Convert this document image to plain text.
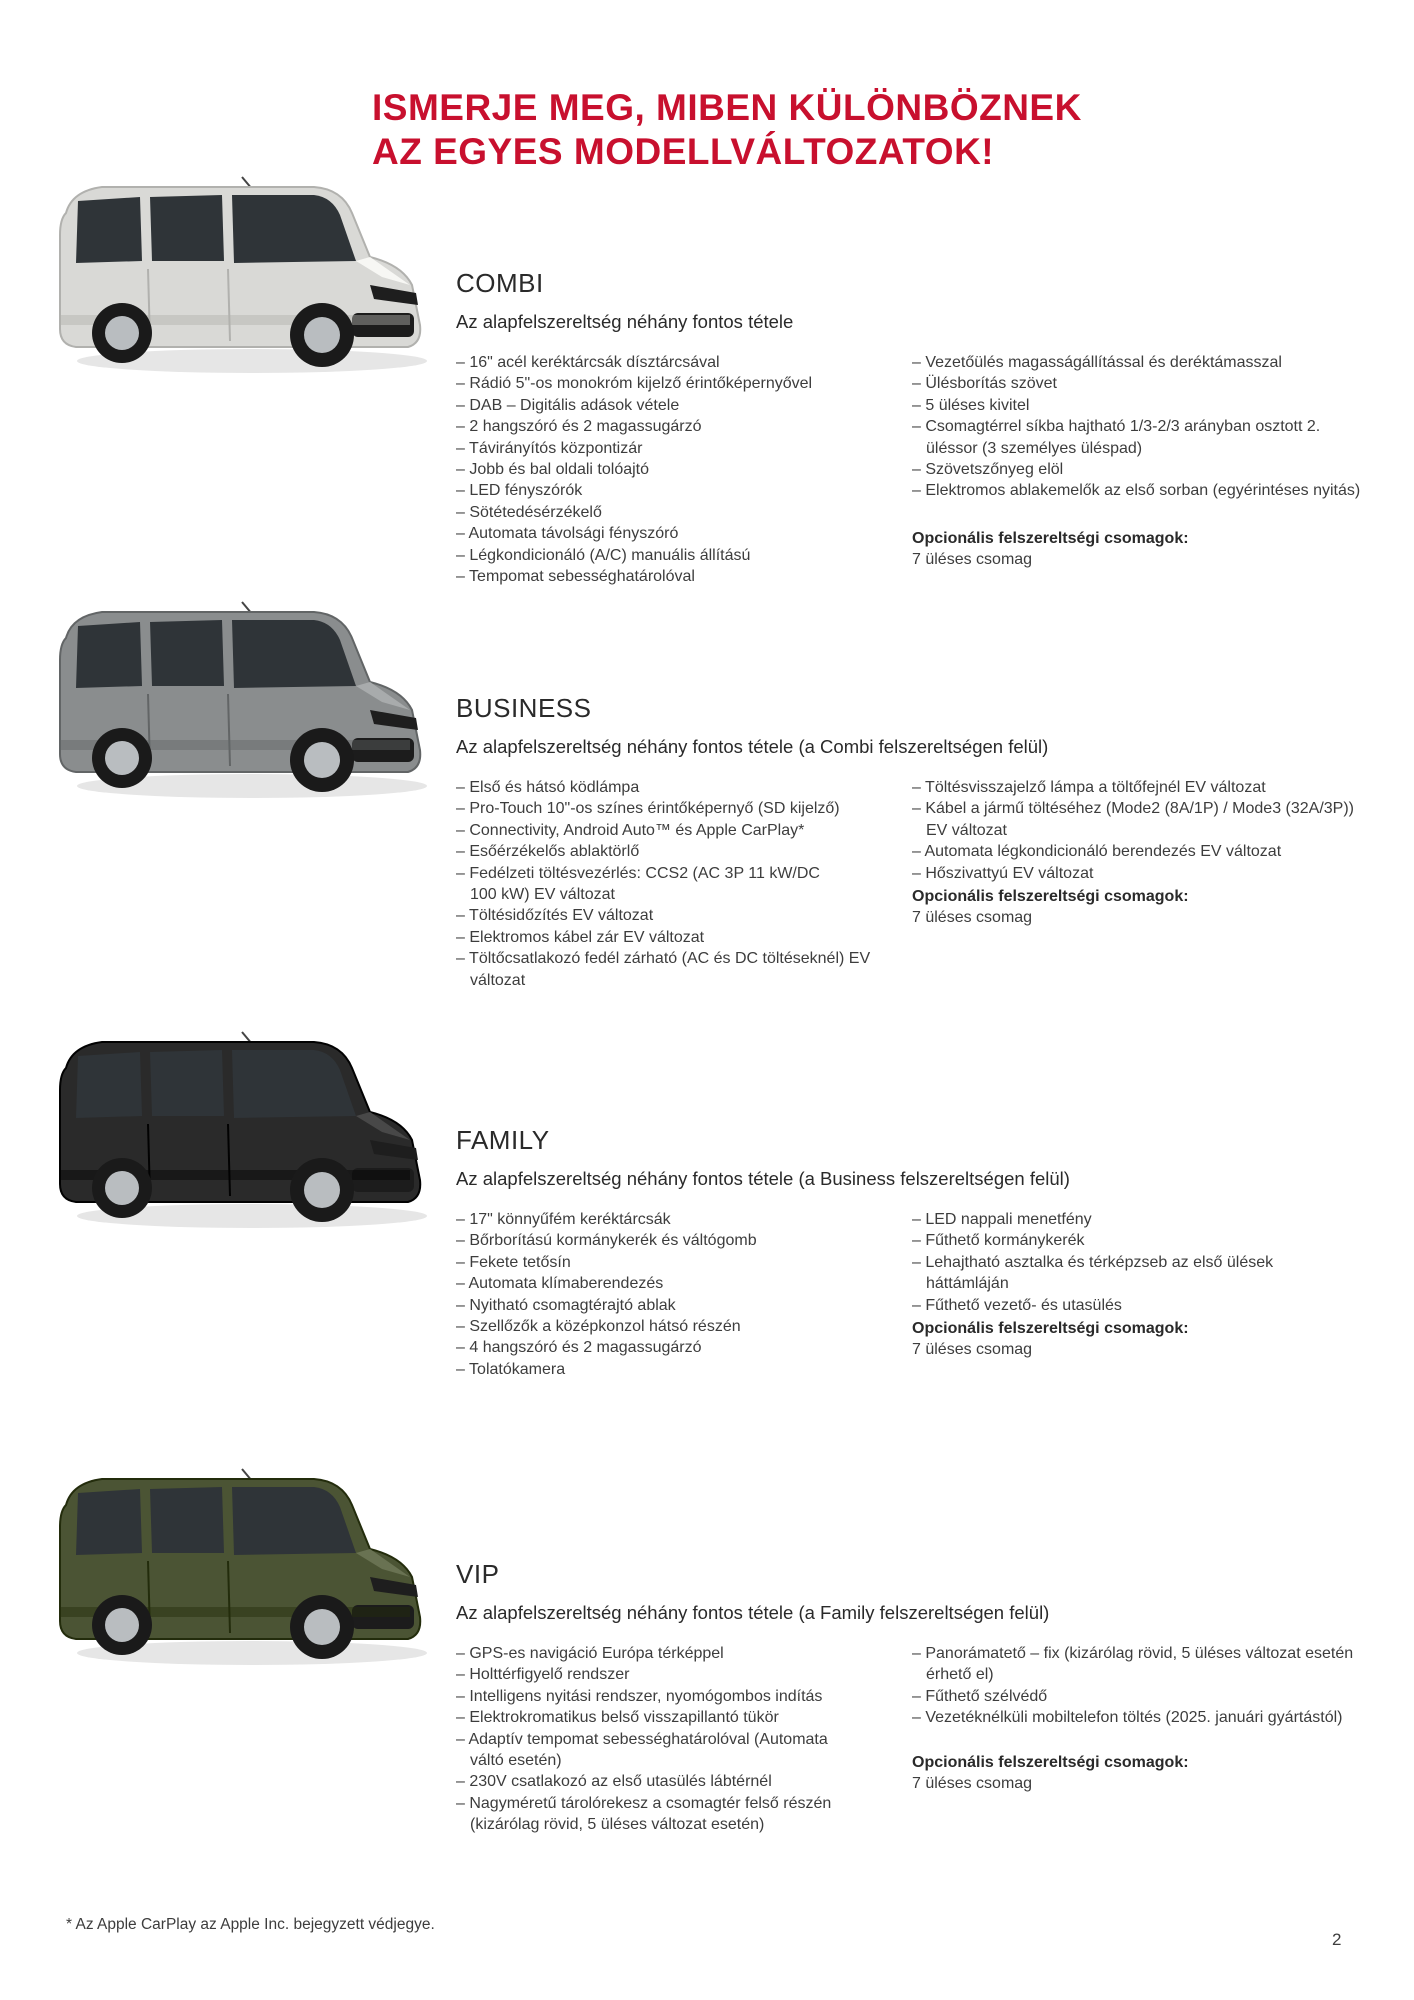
ISMERJE MEG, MIBEN KÜLÖNBÖZNEK
AZ EGYES MODELLVÁLTOZATOK!
COMBI

Az alapfelszereltség néhány fontos tétele

– 16" acél keréktárcsák dísztárcsával
– Rádió 5"-os monokróm kijelző érintőképernyővel
– DAB – Digitális adások vétele
– 2 hangszóró és 2 magassugárzó
– Távirányítós központizár
– Jobb és bal oldali tolóajtó
– LED fényszórók
– Sötétedésérzékelő
– Automata távolsági fényszóró
– Légkondicionáló (A/C) manuális állítású
– Tempomat sebességhatárolóval
– Vezetőülés magasságállítással és deréktámasszal
– Ülésborítás szövet
– 5 üléses kivitel
– Csomagtérrel síkba hajtható 1/3-2/3 arányban osztott 2. üléssor (3 személyes üléspad)
– Szövetszőnyeg elöl
– Elektromos ablakemelők az első sorban (egyérintéses nyitás)
Opcionális felszereltségi csomagok:
7 üléses csomag
BUSINESS

Az alapfelszereltség néhány fontos tétele (a Combi felszereltségen felül)

– Első és hátsó ködlámpa
– Pro-Touch 10"-os színes érintőképernyő (SD kijelző)
– Connectivity, Android Auto™ és Apple CarPlay*
– Esőérzékelős ablaktörlő
– Fedélzeti töltésvezérlés: CCS2 (AC 3P 11 kW/DC 100 kW) EV változat
– Töltésidőzítés EV változat
– Elektromos kábel zár EV változat
– Töltőcsatlakozó fedél zárható (AC és DC töltéseknél) EV változat
– Töltésvisszajelző lámpa a töltőfejnél EV változat
– Kábel a jármű töltéséhez (Mode2 (8A/1P) / Mode3 (32A/3P)) EV változat
– Automata légkondicionáló berendezés EV változat
– Hőszivattyú EV változat
Opcionális felszereltségi csomagok:
7 üléses csomag
FAMILY

Az alapfelszereltség néhány fontos tétele (a Business felszereltségen felül)

– 17" könnyűfém keréktárcsák
– Bőrborítású kormánykerék és váltógomb
– Fekete tetősín
– Automata klímaberendezés
– Nyitható csomagtérajtó ablak
– Szellőzők a középkonzol hátsó részén
– 4 hangszóró és 2 magassugárzó
– Tolatókamera
– LED nappali menetfény
– Fűthető kormánykerék
– Lehajtható asztalka és térképzseb az első ülések háttámláján
– Fűthető vezető- és utasülés
Opcionális felszereltségi csomagok:
7 üléses csomag
VIP

Az alapfelszereltség néhány fontos tétele (a Family felszereltségen felül)

– GPS-es navigáció Európa térképpel
– Holttérfigyelő rendszer
– Intelligens nyitási rendszer, nyomógombos indítás
– Elektrokromatikus belső visszapillantó tükör
– Adaptív tempomat sebességhatárolóval (Automata váltó esetén)
– 230V csatlakozó az első utasülés lábtérnél
– Nagyméretű tárolórekesz a csomagtér felső részén (kizárólag rövid, 5 üléses változat esetén)
– Panorámatető – fix (kizárólag rövid, 5 üléses változat esetén érhető el)
– Fűthető szélvédő
– Vezetéknélküli mobiltelefon töltés (2025. januári gyártástól)
Opcionális felszereltségi csomagok:
7 üléses csomag
* Az Apple CarPlay az Apple Inc. bejegyzett védjegye.
2
